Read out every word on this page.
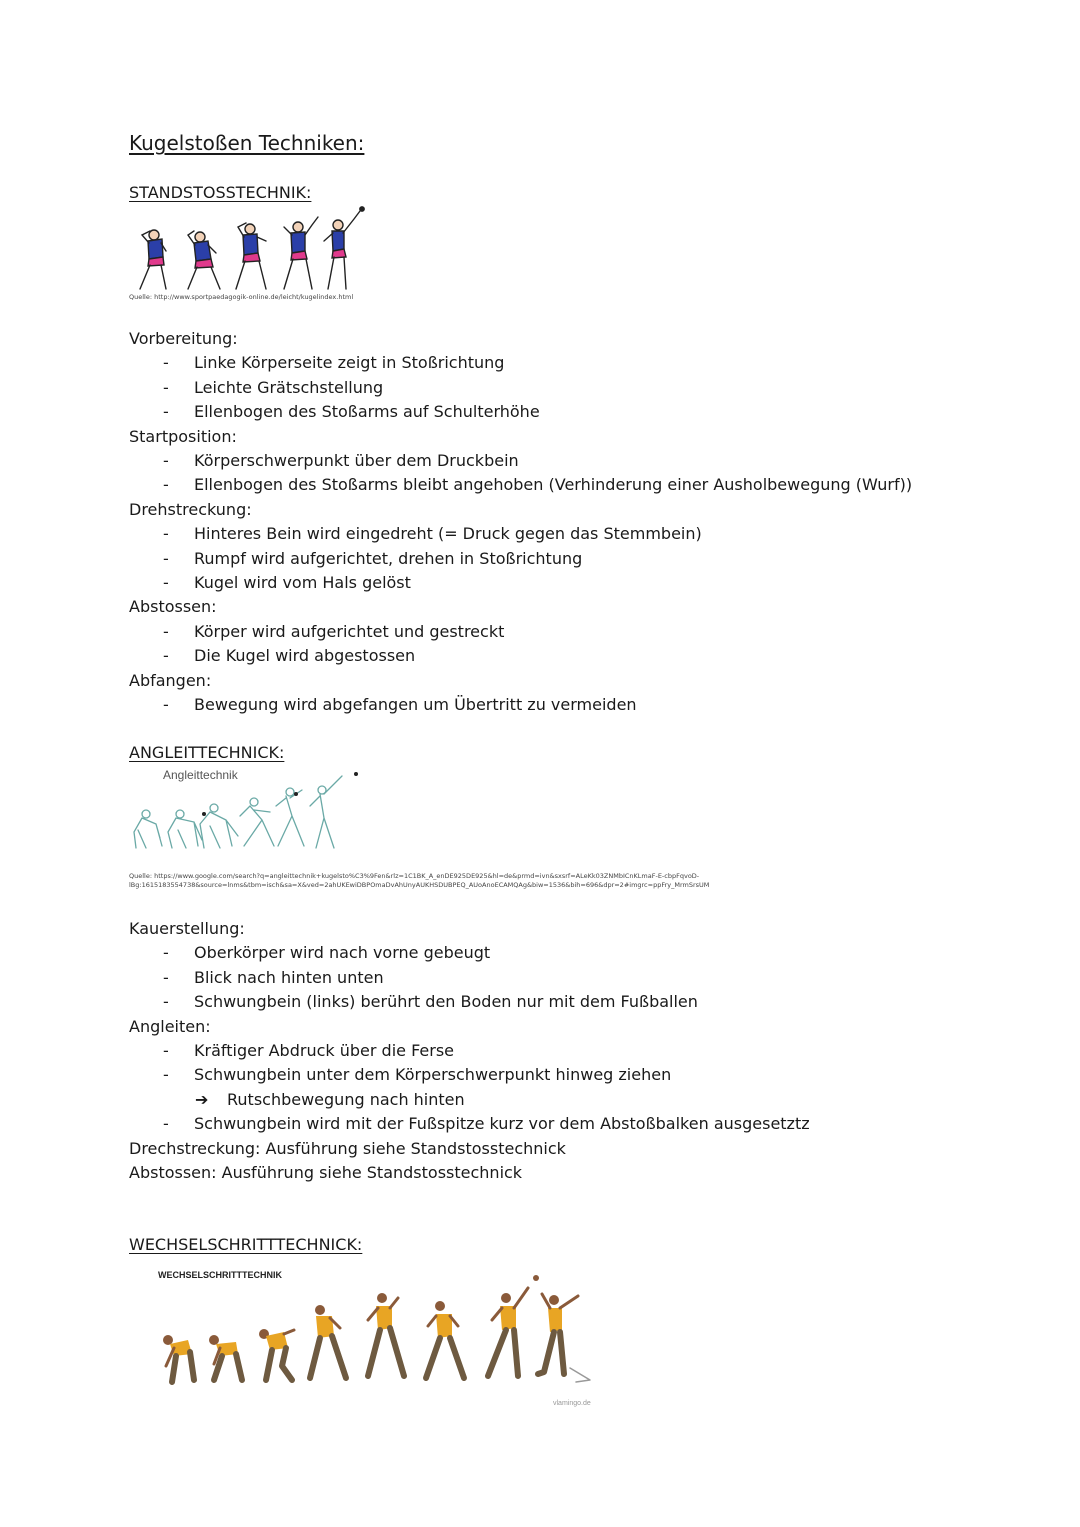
Kugelstoßen Techniken:
STANDSTOSSTECHNIK:
Quelle: http://www.sportpaedagogik-online.de/leicht/kugelindex.html
Vorbereitung:
- Linke Körperseite zeigt in Stoßrichtung
- Leichte Grätschstellung
- Ellenbogen des Stoßarms auf Schulterhöhe
Startposition:
- Körperschwerpunkt über dem Druckbein
- Ellenbogen des Stoßarms bleibt angehoben (Verhinderung einer Ausholbewegung (Wurf))
Drehstreckung:
- Hinteres Bein wird eingedreht (= Druck gegen das Stemmbein)
- Rumpf wird aufgerichtet, drehen in Stoßrichtung
- Kugel wird vom Hals gelöst
Abstossen:
- Körper wird aufgerichtet und gestreckt
- Die Kugel wird abgestossen
Abfangen:
- Bewegung wird abgefangen um Übertritt zu vermeiden
ANGLEITTECHNICK:
Angleittechnik
Quelle: https://www.google.com/search?q=angleittechnik+kugelsto%C3%9Fen&rlz=1C1BK_A_enDE925DE925&hl=de&prmd=ivn&sxsrf=ALeKk03ZNMbICnKLmaF-E-cbpFqvoD-
lBg:1615183554738&source=lnms&tbm=isch&sa=X&ved=2ahUKEwiDBPOmaDvAhUnyAUKHSDUBPEQ_AUoAnoECAMQAg&biw=1536&bih=696&dpr=2#imgrc=ppFry_MrmSrsUM
Kauerstellung:
- Oberkörper wird nach vorne gebeugt
- Blick nach hinten unten
- Schwungbein (links) berührt den Boden nur mit dem Fußballen
Angleiten:
- Kräftiger Abdruck über die Ferse
- Schwungbein unter dem Körperschwerpunkt hinweg ziehen
➔ Rutschbewegung nach hinten
- Schwungbein wird mit der Fußspitze kurz vor dem Abstoßbalken ausgesetztz
Drechstreckung: Ausführung siehe Standstosstechnick
Abstossen: Ausführung siehe Standstosstechnick
WECHSELSCHRITTTECHNICK:
WECHSELSCHRITTTECHNIK
vlamingo.de
